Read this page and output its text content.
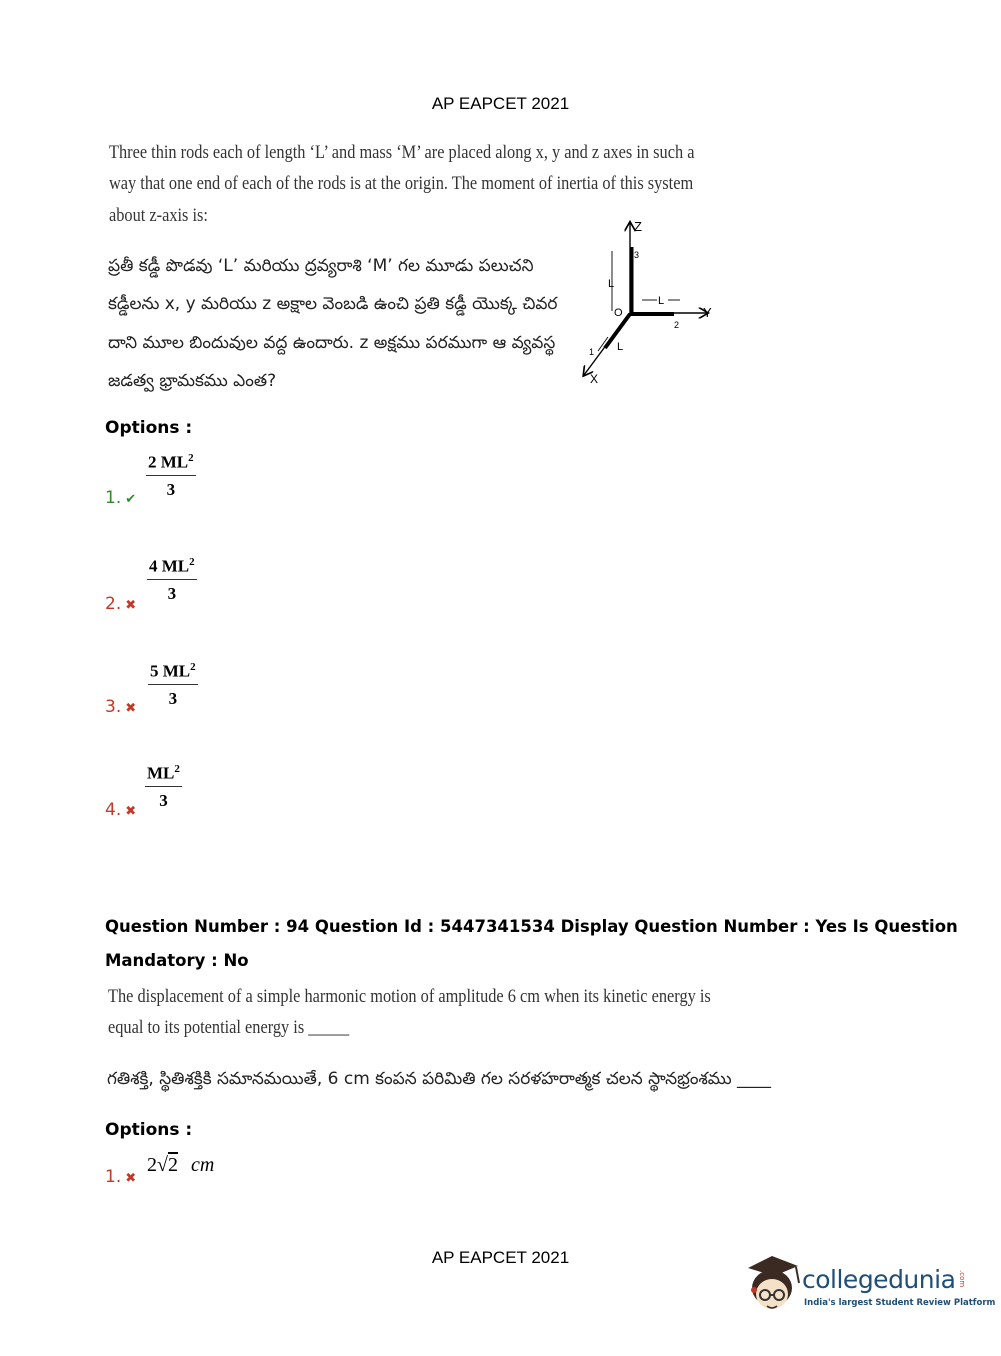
AP EAPCET 2021
Three thin rods each of length ‘L’ and mass ‘M’ are placed along x, y and z axes in such a
way that one end of each of the rods is at the origin. The moment of inertia of this system
about z-axis is:
ప్రతీ కడ్డీ పొడవు ‘L’ మరియు ద్రవ్యరాశి ‘M’ గల మూడు పలుచని
కడ్డీలను x, y మరియు z అక్షాల వెంబడి ఉంచి ప్రతి కడ్డీ యొక్క చివర
దాని మూల బిందువుల వద్ద ఉందారు. z అక్షము పరముగా ఆ వ్యవస్థ
జడత్వ భ్రామకము ఎంత?
Z
3
L
O
L
2
Y
L
1
X
Options :
1. ✔ $\frac{2 ML^2}{3}$
2. ✖
$\frac{4 ML^2}{3}$
3. ✖ $\frac{5 ML^2}{3}$
4. ✖
$\frac{ML^2}{3}$
Question Number : 94 Question Id : 5447341534 Display Question Number : Yes Is Question
Mandatory : No
The displacement of a simple harmonic motion of amplitude 6 cm when its kinetic energy is
equal to its potential energy is _____
గతిశక్తి, స్థితిశక్తికి సమానమయితే, 6 cm కంపన పరిమితి గల సరళహరాత్మక చలన స్థానభ్రంశము ____
Options :
1. ✖
2√2 cm
AP EAPCET 2021
collegedunia .com
India's largest Student Review Platform
